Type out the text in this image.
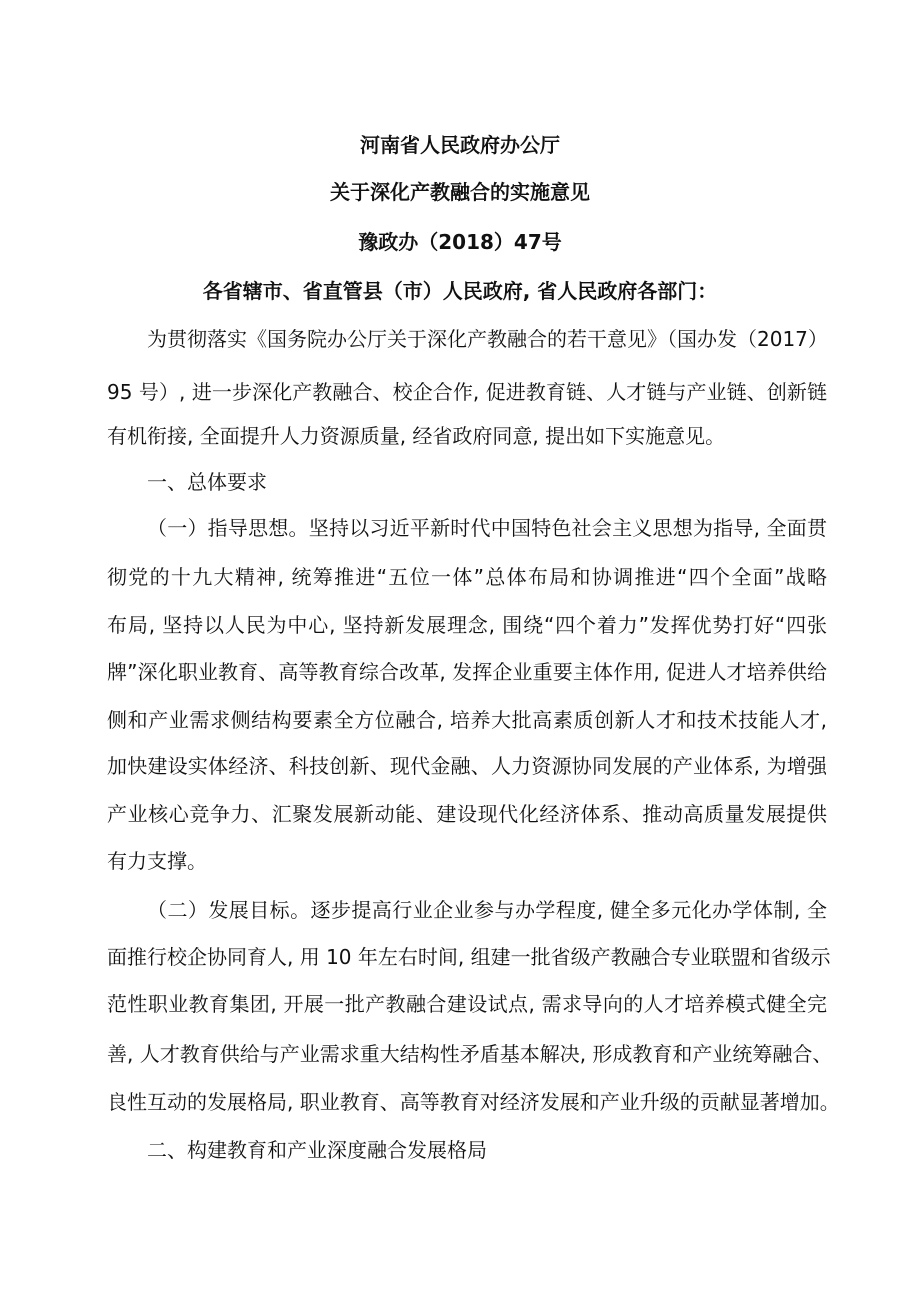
河南省人民政府办公厅
关于深化产教融合的实施意见
豫政办（2018）47号
各省辖市、省直管县（市）人民政府, 省人民政府各部门：
为贯彻落实《国务院办公厅关于深化产教融合的若干意见》（国办发（2017）
95 号）, 进一步深化产教融合、校企合作, 促进教育链、人才链与产业链、创新链
有机衔接, 全面提升人力资源质量, 经省政府同意, 提出如下实施意见。
一、总体要求
（一）指导思想。坚持以习近平新时代中国特色社会主义思想为指导, 全面贯
彻党的十九大精神, 统筹推进“五位一体”总体布局和协调推进“四个全面”战略
布局, 坚持以人民为中心, 坚持新发展理念, 围绕“四个着力”发挥优势打好“四张
牌”深化职业教育、高等教育综合改革, 发挥企业重要主体作用, 促进人才培养供给
侧和产业需求侧结构要素全方位融合, 培养大批高素质创新人才和技术技能人才,
加快建设实体经济、科技创新、现代金融、人力资源协同发展的产业体系, 为增强
产业核心竞争力、汇聚发展新动能、建设现代化经济体系、推动高质量发展提供
有力支撑。
（二）发展目标。逐步提高行业企业参与办学程度, 健全多元化办学体制, 全
面推行校企协同育人, 用 10 年左右时间, 组建一批省级产教融合专业联盟和省级示
范性职业教育集团, 开展一批产教融合建设试点, 需求导向的人才培养模式健全完
善, 人才教育供给与产业需求重大结构性矛盾基本解决, 形成教育和产业统筹融合、
良性互动的发展格局, 职业教育、高等教育对经济发展和产业升级的贡献显著增加。
二、构建教育和产业深度融合发展格局
